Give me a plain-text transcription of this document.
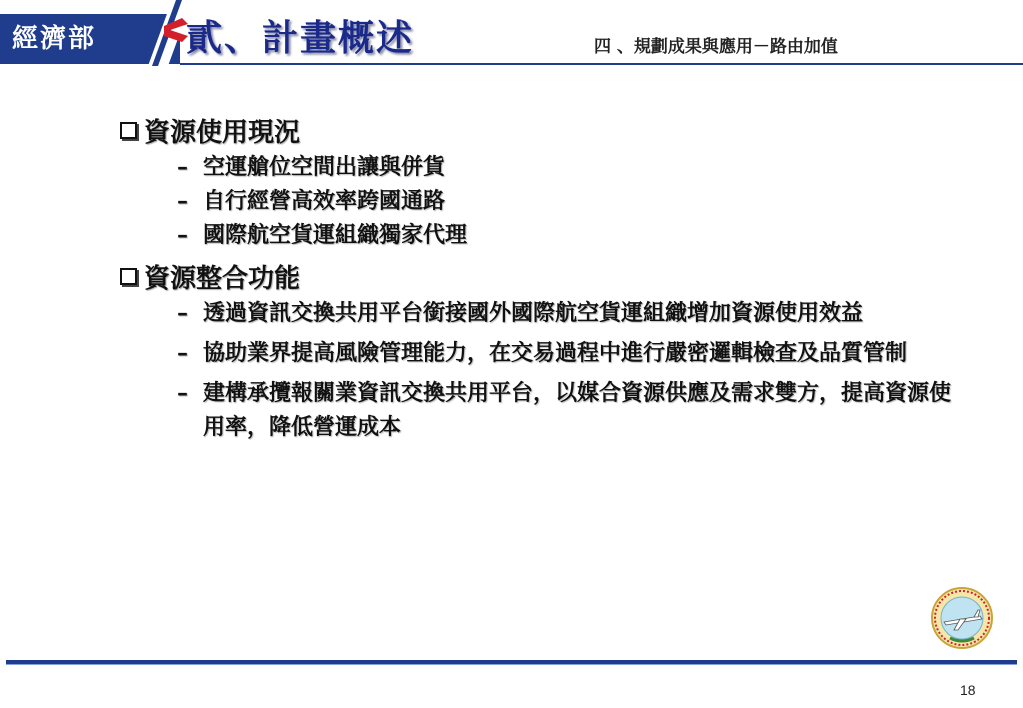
經濟部	貳、計畫概述	四 、規劃成果與應用－路由加值
資源使用現況
– 空運艙位空間出讓與併貨
– 自行經營高效率跨國通路
– 國際航空貨運組織獨家代理
資源整合功能
– 透過資訊交換共用平台銜接國外國際航空貨運組織增加資源使用效益
– 協助業界提高風險管理能力，在交易過程中進行嚴密邏輯檢查及品質管制
– 建構承攬報關業資訊交換共用平台，以媒合資源供應及需求雙方，提高資源使用率，降低營運成本
18
